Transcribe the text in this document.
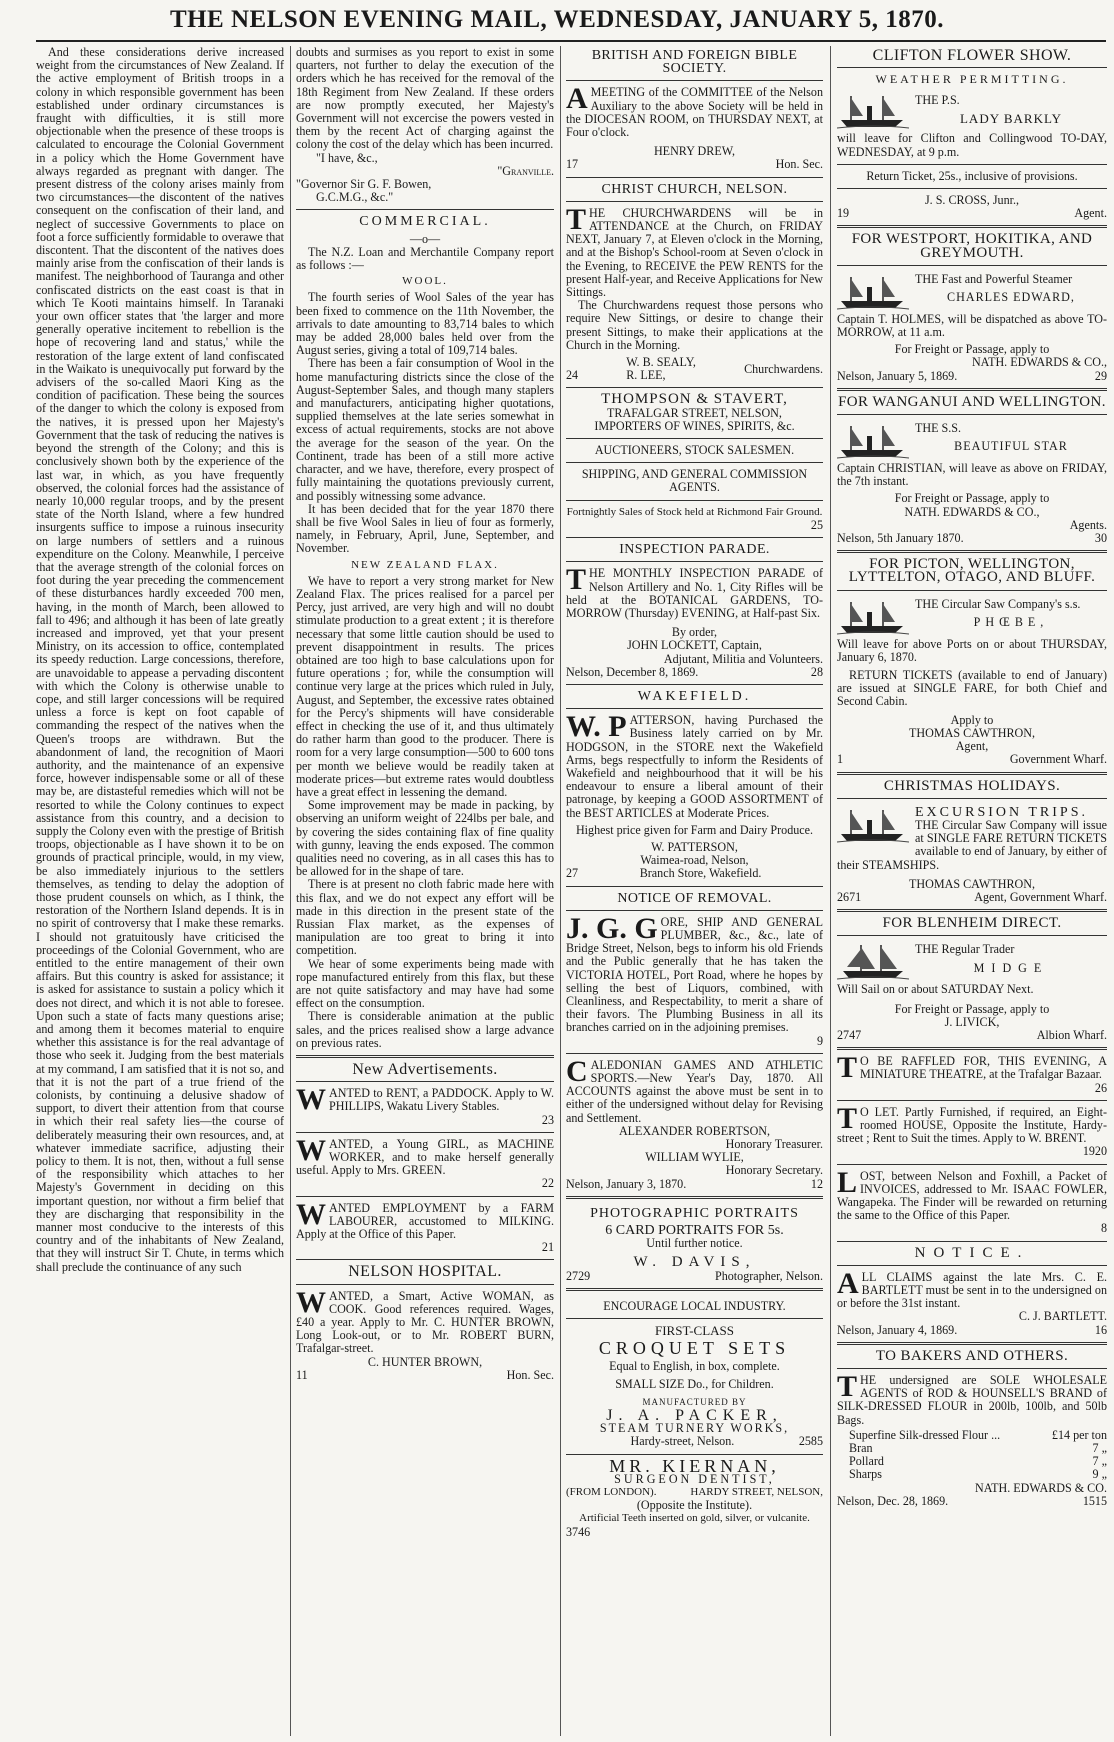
THE NELSON EVENING MAIL, WEDNESDAY, JANUARY 5, 1870.

And these considerations derive increased weight from the circumstances of New Zealand. If the active employment of British troops in a colony in which responsible government has been established under ordinary circumstances is fraught with difficulties, it is still more objectionable when the presence of these troops is calculated to encourage the Colonial Government in a policy which the Home Government have always regarded as pregnant with danger. The present distress of the colony arises mainly from two circumstances—the discontent of the natives consequent on the confiscation of their land, and neglect of successive Governments to place on foot a force sufficiently formidable to overawe that discontent. That the discontent of the natives does mainly arise from the confiscation of their lands is manifest. The neighborhood of Tauranga and other confiscated districts on the east coast is that in which Te Kooti maintains himself. In Taranaki your own officer states that 'the larger and more generally operative incitement to rebellion is the hope of recovering land and status,' while the restoration of the large extent of land confiscated in the Waikato is unequivocally put forward by the advisers of the so-called Maori King as the condition of pacification. These being the sources of the danger to which the colony is exposed from the natives, it is pressed upon her Majesty's Government that the task of reducing the natives is beyond the strength of the Colony; and this is conclusively shown both by the experience of the last war, in which, as you have frequently observed, the colonial forces had the assistance of nearly 10,000 regular troops, and by the present state of the North Island, where a few hundred insurgents suffice to impose a ruinous insecurity on large numbers of settlers and a ruinous expenditure on the Colony. Meanwhile, I perceive that the average strength of the colonial forces on foot during the year preceding the commencement of these disturbances hardly exceeded 700 men, having, in the month of March, been allowed to fall to 496; and although it has been of late greatly increased and improved, yet that your present Ministry, on its accession to office, contemplated its speedy reduction. Large concessions, therefore, are unavoidable to appease a pervading discontent with which the Colony is otherwise unable to cope, and still larger concessions will be required unless a force is kept on foot capable of commanding the respect of the natives when the Queen's troops are withdrawn. But the abandonment of land, the recognition of Maori authority, and the maintenance of an expensive force, however indispensable some or all of these may be, are distasteful remedies which will not be resorted to while the Colony continues to expect assistance from this country, and a decision to supply the Colony even with the prestige of British troops, objectionable as I have shown it to be on grounds of practical principle, would, in my view, be also immediately injurious to the settlers themselves, as tending to delay the adoption of those prudent counsels on which, as I think, the restoration of the Northern Island depends. It is in no spirit of controversy that I make these remarks. I should not gratuitously have criticised the proceedings of the Colonial Government, who are entitled to the entire management of their own affairs. But this country is asked for assistance; it is asked for assistance to sustain a policy which it does not direct, and which it is not able to foresee. Upon such a state of facts many questions arise; and among them it becomes material to enquire whether this assistance is for the real advantage of those who seek it. Judging from the best materials at my command, I am satisfied that it is not so, and that it is not the part of a true friend of the colonists, by continuing a delusive shadow of support, to divert their attention from that course in which their real safety lies—the course of deliberately measuring their own resources, and, at whatever immediate sacrifice, adjusting their policy to them. It is not, then, without a full sense of the responsibility which attaches to her Majesty's Government in deciding on this important question, nor without a firm belief that they are discharging that responsibility in the manner most conducive to the interests of this country and of the inhabitants of New Zealand, that they will instruct Sir T. Chute, in terms which shall preclude the continuance of any such

doubts and surmises as you report to exist in some quarters, not further to delay the execution of the orders which he has received for the removal of the 18th Regiment from New Zealand. If these orders are now promptly executed, her Majesty's Government will not excercise the powers vested in them by the recent Act of charging against the colony the cost of the delay which has been incurred.

"I have, &c.,

"Granville.

"Governor Sir G. F. Bowen,

G.C.M.G., &c."

COMMERCIAL.
—o—

The N.Z. Loan and Merchantile Company report as follows :—

WOOL.

The fourth series of Wool Sales of the year has been fixed to commence on the 11th November, the arrivals to date amounting to 83,714 bales to which may be added 28,000 bales held over from the August series, giving a total of 109,714 bales.

There has been a fair consumption of Wool in the home manufacturing districts since the close of the August-September Sales, and though many staplers and manufacturers, anticipating higher quotations, supplied themselves at the late series somewhat in excess of actual requirements, stocks are not above the average for the season of the year. On the Continent, trade has been of a still more active character, and we have, therefore, every prospect of fully maintaining the quotations previously current, and possibly witnessing some advance.

It has been decided that for the year 1870 there shall be five Wool Sales in lieu of four as formerly, namely, in February, April, June, September, and November.

NEW ZEALAND FLAX.

We have to report a very strong market for New Zealand Flax. The prices realised for a parcel per Percy, just arrived, are very high and will no doubt stimulate production to a great extent ; it is therefore necessary that some little caution should be used to prevent disappointment in results. The prices obtained are too high to base calculations upon for future operations ; for, while the consumption will continue very large at the prices which ruled in July, August, and September, the excessive rates obtained for the Percy's shipments will have considerable effect in checking the use of it, and thus ultimately do rather harm than good to the producer. There is room for a very large consumption—500 to 600 tons per month we believe would be readily taken at moderate prices—but extreme rates would doubtless have a great effect in lessening the demand.

Some improvement may be made in packing, by observing an uniform weight of 224lbs per bale, and by covering the sides containing flax of fine quality with gunny, leaving the ends exposed. The common qualities need no covering, as in all cases this has to be allowed for in the shape of tare.

There is at present no cloth fabric made here with this flax, and we do not expect any effort will be made in this direction in the present state of the Russian Flax market, as the expenses of manipulation are too great to bring it into competition.

We hear of some experiments being made with rope manufactured entirely from this flax, but these are not quite satisfactory and may have had some effect on the consumption.

There is considerable animation at the public sales, and the prices realised show a large advance on previous rates.

New Advertisements.
W ANTED to RENT, a PADDOCK. Apply to W. PHILLIPS, Wakatu Livery Stables.

23

W ANTED, a Young GIRL, as MACHINE WORKER, and to make herself generally useful. Apply to Mrs. GREEN.

22

W ANTED EMPLOYMENT by a FARM LABOURER, accustomed to MILKING. Apply at the Office of this Paper.

21

NELSON HOSPITAL.
W ANTED, a Smart, Active WOMAN, as COOK. Good references required. Wages, £40 a year. Apply to Mr. C. HUNTER BROWN, Long Look-out, or to Mr. ROBERT BURN, Trafalgar-street.

C. HUNTER BROWN,

11	Hon. Sec.
BRITISH AND FOREIGN BIBLE SOCIETY.
A MEETING of the COMMITTEE of the Nelson Auxiliary to the above Society will be held in the DIOCESAN ROOM, on THURSDAY NEXT, at Four o'clock.

HENRY DREW,

17	Hon. Sec.
CHRIST CHURCH, NELSON.
T HE CHURCHWARDENS will be in ATTENDANCE at the Church, on FRIDAY NEXT, January 7, at Eleven o'clock in the Morning, and at the Bishop's School-room at Seven o'clock in the Evening, to RECEIVE the PEW RENTS for the present Half-year, and Receive Applications for New Sittings.

The Churchwardens request those persons who require New Sittings, or desire to change their present Sittings, to make their applications at the Church in the Morning.

24
W. B. SEALY,
R. LEE,	Churchwardens.
THOMPSON & STAVERT,
TRAFALGAR STREET, NELSON,
IMPORTERS OF WINES, SPIRITS, &c.
AUCTIONEERS, STOCK SALESMEN.
SHIPPING, AND GENERAL COMMISSION AGENTS.
Fortnightly Sales of Stock held at Richmond Fair Ground.

25

INSPECTION PARADE.
T HE MONTHLY INSPECTION PARADE of Nelson Artillery and No. 1, City Rifles will be held at the BOTANICAL GARDENS, TO-MORROW (Thursday) EVENING, at Half-past Six.

By order,

JOHN LOCKETT, Captain,

Adjutant, Militia and Volunteers.

Nelson, December 8, 1869.	28
WAKEFIELD.
W. P ATTERSON, having Purchased the Business lately carried on by Mr. HODGSON, in the STORE next the Wakefield Arms, begs respectfully to inform the Residents of Wakefield and neighbourhood that it will be his endeavour to ensure a liberal amount of their patronage, by keeping a GOOD ASSORTMENT of the BEST ARTICLES at Moderate Prices.

Highest price given for Farm and Dairy Produce.

W. PATTERSON,

Waimea-road, Nelson,

27	Branch Store, Wakefield.
NOTICE OF REMOVAL.
J. G. G ORE, SHIP AND GENERAL PLUMBER, &c., &c., late of Bridge Street, Nelson, begs to inform his old Friends and the Public generally that he has taken the VICTORIA HOTEL, Port Road, where he hopes by selling the best of Liquors, combined, with Cleanliness, and Respectability, to merit a share of their favors. The Plumbing Business in all its branches carried on in the adjoining premises.

9

C ALEDONIAN GAMES AND ATHLETIC SPORTS.—New Year's Day, 1870. All ACCOUNTS against the above must be sent in to either of the undersigned without delay for Revising and Settlement.

ALEXANDER ROBERTSON,

Honorary Treasurer.

WILLIAM WYLIE,

Honorary Secretary.

Nelson, January 3, 1870.	12
PHOTOGRAPHIC PORTRAITS
6 CARD PORTRAITS FOR 5s.
Until further notice.
W. DAVIS,
2729	Photographer, Nelson.
ENCOURAGE LOCAL INDUSTRY.
FIRST-CLASS
CROQUET SETS
Equal to English, in box, complete.
SMALL SIZE Do., for Children.
MANUFACTURED BY
J. A. PACKER,
STEAM TURNERY WORKS,
Hardy-street, Nelson.	2585
MR. KIERNAN,
SURGEON DENTIST,
(FROM LONDON).	HARDY STREET, NELSON,
(Opposite the Institute).
Artificial Teeth inserted on gold, silver, or vulcanite.
3746
CLIFTON FLOWER SHOW.
WEATHER PERMITTING.

THE P.S.

LADY BARKLY

will leave for Clifton and Collingwood TO-DAY, WEDNESDAY, at 9 p.m.

Return Ticket, 25s., inclusive of provisions.

J. S. CROSS, Junr.,

19	Agent.
FOR WESTPORT, HOKITIKA, AND GREYMOUTH.

THE Fast and Powerful Steamer

CHARLES EDWARD,

Captain T. HOLMES, will be dispatched as above TO-MORROW, at 11 a.m.

For Freight or Passage, apply to

NATH. EDWARDS & CO.,

Nelson, January 5, 1869.	29
FOR WANGANUI AND WELLINGTON.

THE S.S.

BEAUTIFUL STAR

Captain CHRISTIAN, will leave as above on FRIDAY, the 7th instant.

For Freight or Passage, apply to

NATH. EDWARDS & CO.,

Agents.

Nelson, 5th January 1870.	30
FOR PICTON, WELLINGTON, LYTTELTON, OTAGO, AND BLUFF.

THE Circular Saw Company's s.s.

PHŒBE,

Will leave for above Ports on or about THURSDAY, January 6, 1870.

RETURN TICKETS (available to end of January) are issued at SINGLE FARE, for both Chief and Second Cabin.

Apply to

THOMAS CAWTHRON,

Agent,

1	Government Wharf.
CHRISTMAS HOLIDAYS.

EXCURSION TRIPS.

THE Circular Saw Company will issue at SINGLE FARE RETURN TICKETS available to end of January, by either of their STEAMSHIPS.

THOMAS CAWTHRON,

2671	Agent, Government Wharf.
FOR BLENHEIM DIRECT.

THE Regular Trader

MIDGE

Will Sail on or about SATURDAY Next.

For Freight or Passage, apply to

J. LIVICK,

2747	Albion Wharf.
T O BE RAFFLED FOR, THIS EVENING, A MINIATURE THEATRE, at the Trafalgar Bazaar.

26

T O LET. Partly Furnished, if required, an Eight-roomed HOUSE, Opposite the Institute, Hardy-street ; Rent to Suit the times. Apply to W. BRENT.

1920

L OST, between Nelson and Foxhill, a Packet of INVOICES, addressed to Mr. ISAAC FOWLER, Wangapeka. The Finder will be rewarded on returning the same to the Office of this Paper.

8

NOTICE.
A LL CLAIMS against the late Mrs. C. E. BARTLETT must be sent in to the undersigned on or before the 31st instant.

C. J. BARTLETT.

Nelson, January 4, 1869.	16
TO BAKERS AND OTHERS.
T HE undersigned are SOLE WHOLESALE AGENTS of ROD & HOUNSELL'S BRAND of SILK-DRESSED FLOUR in 200lb, 100lb, and 50lb Bags.

Superfine Silk-dressed Flour ...	£14 per ton
Bran	7 „
Pollard	7 „
Sharps	9 „

NATH. EDWARDS & CO.

Nelson, Dec. 28, 1869.	1515
